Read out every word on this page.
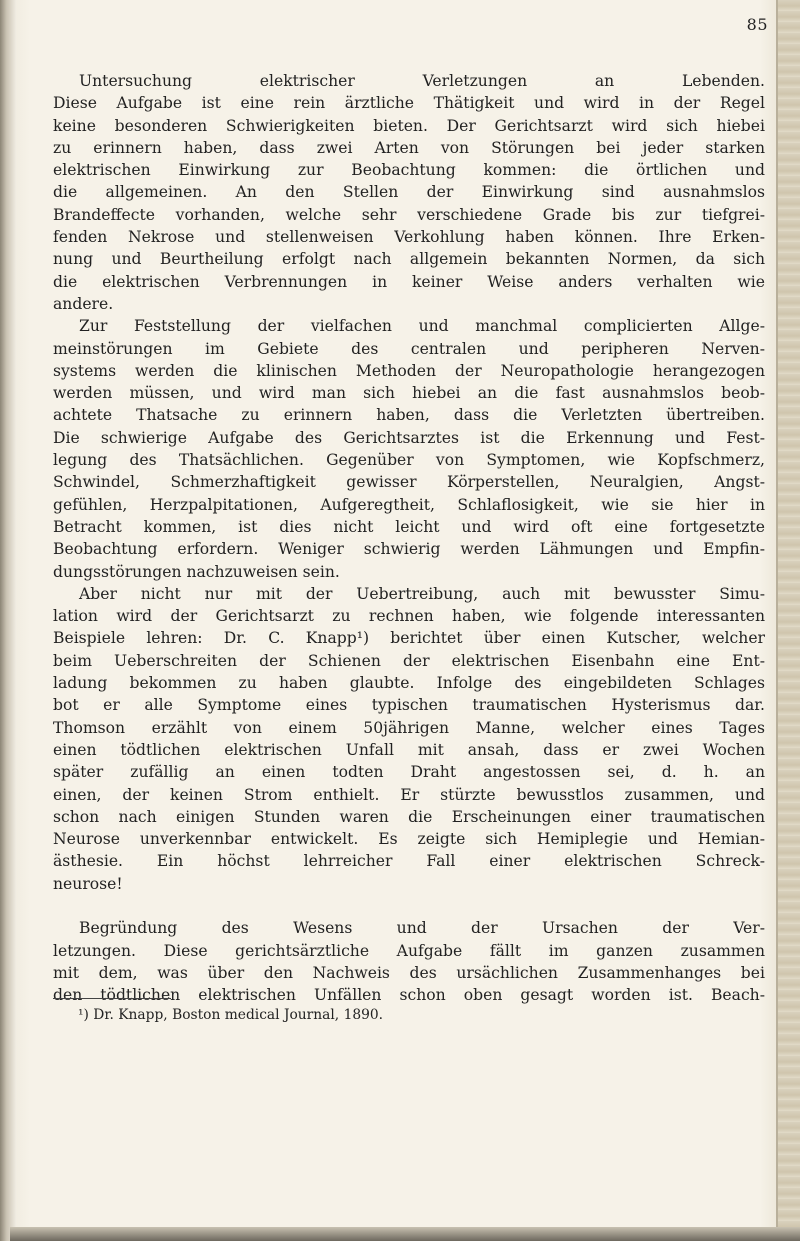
85
Untersuchung elektrischer Verletzungen an Lebenden.
Diese Aufgabe ist eine rein ärztliche Thätigkeit und wird in der Regel
keine besonderen Schwierigkeiten bieten. Der Gerichtsarzt wird sich hiebei
zu erinnern haben, dass zwei Arten von Störungen bei jeder starken
elektrischen Einwirkung zur Beobachtung kommen: die örtlichen und
die allgemeinen. An den Stellen der Einwirkung sind ausnahmslos
Brandeffecte vorhanden, welche sehr verschiedene Grade bis zur tiefgrei-
fenden Nekrose und stellenweisen Verkohlung haben können. Ihre Erken-
nung und Beurtheilung erfolgt nach allgemein bekannten Normen, da sich
die elektrischen Verbrennungen in keiner Weise anders verhalten wie
andere.
Zur Feststellung der vielfachen und manchmal complicierten Allge-
meinstörungen im Gebiete des centralen und peripheren Nerven-
systems werden die klinischen Methoden der Neuropathologie herangezogen
werden müssen, und wird man sich hiebei an die fast ausnahmslos beob-
achtete Thatsache zu erinnern haben, dass die Verletzten übertreiben.
Die schwierige Aufgabe des Gerichtsarztes ist die Erkennung und Fest-
legung des Thatsächlichen. Gegenüber von Symptomen, wie Kopfschmerz,
Schwindel, Schmerzhaftigkeit gewisser Körperstellen, Neuralgien, Angst-
gefühlen, Herzpalpitationen, Aufgeregtheit, Schlaflosigkeit, wie sie hier in
Betracht kommen, ist dies nicht leicht und wird oft eine fortgesetzte
Beobachtung erfordern. Weniger schwierig werden Lähmungen und Empfin-
dungsstörungen nachzuweisen sein.
Aber nicht nur mit der Uebertreibung, auch mit bewusster Simu-
lation wird der Gerichtsarzt zu rechnen haben, wie folgende interessanten
Beispiele lehren: Dr. C. Knapp¹) berichtet über einen Kutscher, welcher
beim Ueberschreiten der Schienen der elektrischen Eisenbahn eine Ent-
ladung bekommen zu haben glaubte. Infolge des eingebildeten Schlages
bot er alle Symptome eines typischen traumatischen Hysterismus dar.
Thomson erzählt von einem 50jährigen Manne, welcher eines Tages
einen tödtlichen elektrischen Unfall mit ansah, dass er zwei Wochen
später zufällig an einen todten Draht angestossen sei, d. h. an
einen, der keinen Strom enthielt. Er stürzte bewusstlos zusammen, und
schon nach einigen Stunden waren die Erscheinungen einer traumatischen
Neurose unverkennbar entwickelt. Es zeigte sich Hemiplegie und Hemian-
ästhesie. Ein höchst lehrreicher Fall einer elektrischen Schreck-
neurose!
Begründung des Wesens und der Ursachen der Ver-
letzungen. Diese gerichtsärztliche Aufgabe fällt im ganzen zusammen
mit dem, was über den Nachweis des ursächlichen Zusammenhanges bei
den tödtlichen elektrischen Unfällen schon oben gesagt worden ist. Beach-
¹) Dr. Knapp, Boston medical Journal, 1890.
